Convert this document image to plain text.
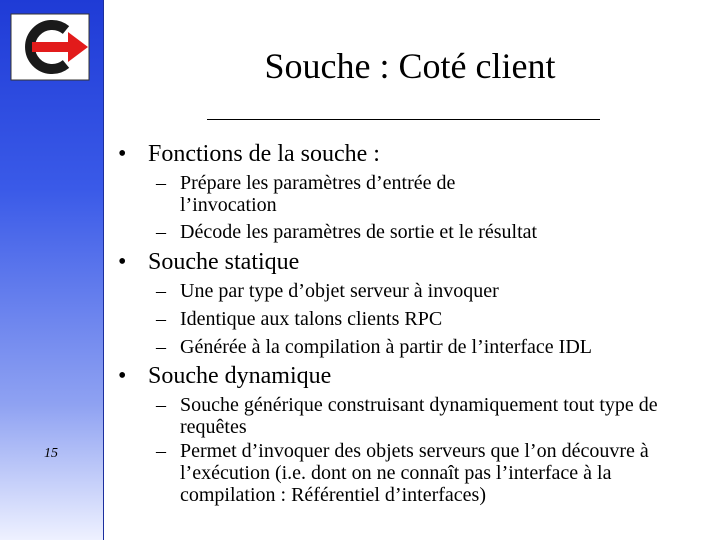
15
Souche : Coté client
• Fonctions de la souche :
– Prépare les paramètres d’entrée de l’invocation
– Décode les paramètres de sortie et le résultat
• Souche statique
– Une par type d’objet serveur à invoquer
– Identique aux talons clients RPC
– Générée à la compilation à partir de l’interface IDL
• Souche dynamique
– Souche générique construisant dynamiquement tout type de requêtes
– Permet d’invoquer des objets serveurs que l’on découvre à l’exécution (i.e. dont on ne connaît pas l’interface à la compilation : Référentiel d’interfaces)
